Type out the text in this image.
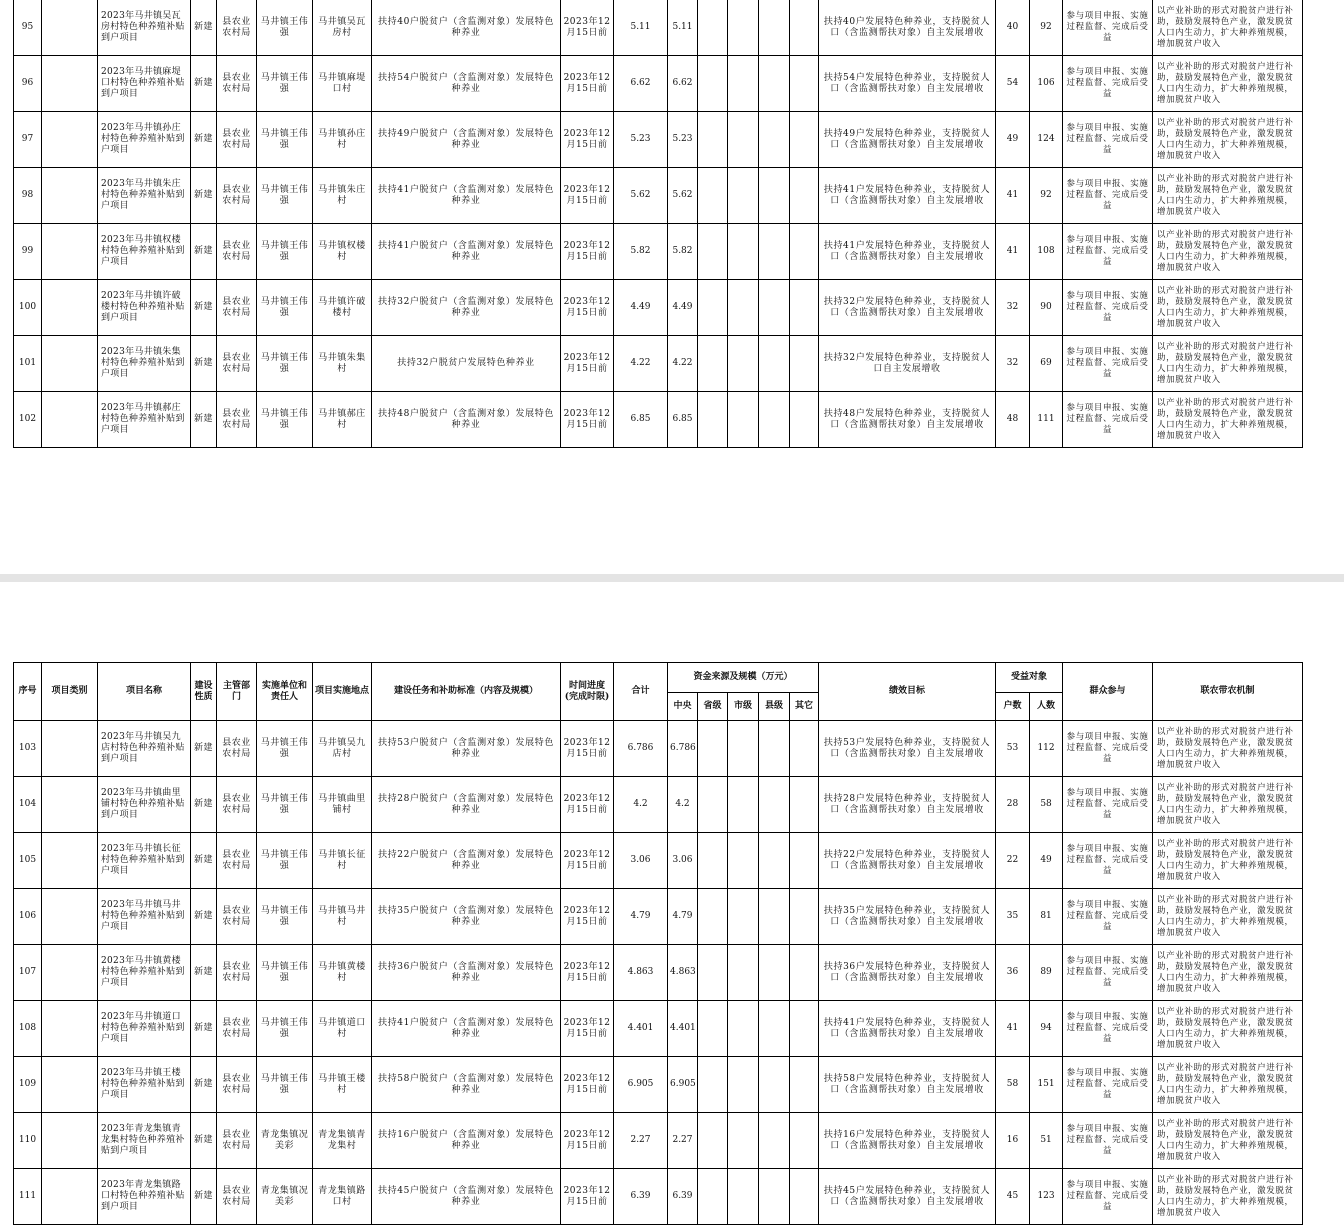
95		2023年马井镇吴瓦房村特色种养殖补贴到户项目	新建	县农业农村局	马井镇王伟强	马井镇吴瓦房村	扶持40户脱贫户（含监测对象）发展特色种养业	2023年12月15日前	5.11	5.11					扶持40户发展特色种养业，支持脱贫人口（含监测帮扶对象）自主发展增收	40	92	参与项目申报、实施过程监督、完成后受益	以产业补助的形式对脱贫户进行补助，鼓励发展特色产业，激发脱贫人口内生动力，扩大种养殖规模，增加脱贫户收入
96		2023年马井镇麻堤口村特色种养殖补贴到户项目	新建	县农业农村局	马井镇王伟强	马井镇麻堤口村	扶持54户脱贫户（含监测对象）发展特色种养业	2023年12月15日前	6.62	6.62					扶持54户发展特色种养业，支持脱贫人口（含监测帮扶对象）自主发展增收	54	106	参与项目申报、实施过程监督、完成后受益	以产业补助的形式对脱贫户进行补助，鼓励发展特色产业，激发脱贫人口内生动力，扩大种养殖规模，增加脱贫户收入
97		2023年马井镇孙庄村特色种养殖补贴到户项目	新建	县农业农村局	马井镇王伟强	马井镇孙庄村	扶持49户脱贫户（含监测对象）发展特色种养业	2023年12月15日前	5.23	5.23					扶持49户发展特色种养业，支持脱贫人口（含监测帮扶对象）自主发展增收	49	124	参与项目申报、实施过程监督、完成后受益	以产业补助的形式对脱贫户进行补助，鼓励发展特色产业，激发脱贫人口内生动力，扩大种养殖规模，增加脱贫户收入
98		2023年马井镇朱庄村特色种养殖补贴到户项目	新建	县农业农村局	马井镇王伟强	马井镇朱庄村	扶持41户脱贫户（含监测对象）发展特色种养业	2023年12月15日前	5.62	5.62					扶持41户发展特色种养业，支持脱贫人口（含监测帮扶对象）自主发展增收	41	92	参与项目申报、实施过程监督、完成后受益	以产业补助的形式对脱贫户进行补助，鼓励发展特色产业，激发脱贫人口内生动力，扩大种养殖规模，增加脱贫户收入
99		2023年马井镇权楼村特色种养殖补贴到户项目	新建	县农业农村局	马井镇王伟强	马井镇权楼村	扶持41户脱贫户（含监测对象）发展特色种养业	2023年12月15日前	5.82	5.82					扶持41户发展特色种养业，支持脱贫人口（含监测帮扶对象）自主发展增收	41	108	参与项目申报、实施过程监督、完成后受益	以产业补助的形式对脱贫户进行补助，鼓励发展特色产业，激发脱贫人口内生动力，扩大种养殖规模，增加脱贫户收入
100		2023年马井镇许破楼村特色种养殖补贴到户项目	新建	县农业农村局	马井镇王伟强	马井镇许破楼村	扶持32户脱贫户（含监测对象）发展特色种养业	2023年12月15日前	4.49	4.49					扶持32户发展特色种养业，支持脱贫人口（含监测帮扶对象）自主发展增收	32	90	参与项目申报、实施过程监督、完成后受益	以产业补助的形式对脱贫户进行补助，鼓励发展特色产业，激发脱贫人口内生动力，扩大种养殖规模，增加脱贫户收入
101		2023年马井镇朱集村特色种养殖补贴到户项目	新建	县农业农村局	马井镇王伟强	马井镇朱集村	扶持32户脱贫户发展特色种养业	2023年12月15日前	4.22	4.22					扶持32户发展特色种养业，支持脱贫人口自主发展增收	32	69	参与项目申报、实施过程监督、完成后受益	以产业补助的形式对脱贫户进行补助，鼓励发展特色产业，激发脱贫人口内生动力，扩大种养殖规模，增加脱贫户收入
102		2023年马井镇郝庄村特色种养殖补贴到户项目	新建	县农业农村局	马井镇王伟强	马井镇郝庄村	扶持48户脱贫户（含监测对象）发展特色种养业	2023年12月15日前	6.85	6.85					扶持48户发展特色种养业，支持脱贫人口（含监测帮扶对象）自主发展增收	48	111	参与项目申报、实施过程监督、完成后受益	以产业补助的形式对脱贫户进行补助，鼓励发展特色产业，激发脱贫人口内生动力，扩大种养殖规模，增加脱贫户收入
序号	项目类别	项目名称	建设性质	主管部门	实施单位和责任人	项目实施地点	建设任务和补助标准（内容及规模）	时间进度(完成时限)	合计	资金来源及规模（万元）					绩效目标	受益对象		群众参与	联农带农机制
										中央	省级	市级	县级	其它		户数	人数		
103		2023年马井镇吴九店村特色种养殖补贴到户项目	新建	县农业农村局	马井镇王伟强	马井镇吴九店村	扶持53户脱贫户（含监测对象）发展特色种养业	2023年12月15日前	6.786	6.786					扶持53户发展特色种养业，支持脱贫人口（含监测帮扶对象）自主发展增收	53	112	参与项目申报、实施过程监督、完成后受益	以产业补助的形式对脱贫户进行补助，鼓励发展特色产业，激发脱贫人口内生动力，扩大种养殖规模，增加脱贫户收入
104		2023年马井镇曲里铺村特色种养殖补贴到户项目	新建	县农业农村局	马井镇王伟强	马井镇曲里铺村	扶持28户脱贫户（含监测对象）发展特色种养业	2023年12月15日前	4.2	4.2					扶持28户发展特色种养业，支持脱贫人口（含监测帮扶对象）自主发展增收	28	58	参与项目申报、实施过程监督、完成后受益	以产业补助的形式对脱贫户进行补助，鼓励发展特色产业，激发脱贫人口内生动力，扩大种养殖规模，增加脱贫户收入
105		2023年马井镇长征村特色种养殖补贴到户项目	新建	县农业农村局	马井镇王伟强	马井镇长征村	扶持22户脱贫户（含监测对象）发展特色种养业	2023年12月15日前	3.06	3.06					扶持22户发展特色种养业，支持脱贫人口（含监测帮扶对象）自主发展增收	22	49	参与项目申报、实施过程监督、完成后受益	以产业补助的形式对脱贫户进行补助，鼓励发展特色产业，激发脱贫人口内生动力，扩大种养殖规模，增加脱贫户收入
106		2023年马井镇马井村特色种养殖补贴到户项目	新建	县农业农村局	马井镇王伟强	马井镇马井村	扶持35户脱贫户（含监测对象）发展特色种养业	2023年12月15日前	4.79	4.79					扶持35户发展特色种养业，支持脱贫人口（含监测帮扶对象）自主发展增收	35	81	参与项目申报、实施过程监督、完成后受益	以产业补助的形式对脱贫户进行补助，鼓励发展特色产业，激发脱贫人口内生动力，扩大种养殖规模，增加脱贫户收入
107		2023年马井镇黄楼村特色种养殖补贴到户项目	新建	县农业农村局	马井镇王伟强	马井镇黄楼村	扶持36户脱贫户（含监测对象）发展特色种养业	2023年12月15日前	4.863	4.863					扶持36户发展特色种养业，支持脱贫人口（含监测帮扶对象）自主发展增收	36	89	参与项目申报、实施过程监督、完成后受益	以产业补助的形式对脱贫户进行补助，鼓励发展特色产业，激发脱贫人口内生动力，扩大种养殖规模，增加脱贫户收入
108		2023年马井镇道口村特色种养殖补贴到户项目	新建	县农业农村局	马井镇王伟强	马井镇道口村	扶持41户脱贫户（含监测对象）发展特色种养业	2023年12月15日前	4.401	4.401					扶持41户发展特色种养业，支持脱贫人口（含监测帮扶对象）自主发展增收	41	94	参与项目申报、实施过程监督、完成后受益	以产业补助的形式对脱贫户进行补助，鼓励发展特色产业，激发脱贫人口内生动力，扩大种养殖规模，增加脱贫户收入
109		2023年马井镇王楼村特色种养殖补贴到户项目	新建	县农业农村局	马井镇王伟强	马井镇王楼村	扶持58户脱贫户（含监测对象）发展特色种养业	2023年12月15日前	6.905	6.905					扶持58户发展特色种养业，支持脱贫人口（含监测帮扶对象）自主发展增收	58	151	参与项目申报、实施过程监督、完成后受益	以产业补助的形式对脱贫户进行补助，鼓励发展特色产业，激发脱贫人口内生动力，扩大种养殖规模，增加脱贫户收入
110		2023年青龙集镇青龙集村特色种养殖补贴到户项目	新建	县农业农村局	青龙集镇况美彩	青龙集镇青龙集村	扶持16户脱贫户（含监测对象）发展特色种养业	2023年12月15日前	2.27	2.27					扶持16户发展特色种养业，支持脱贫人口（含监测帮扶对象）自主发展增收	16	51	参与项目申报、实施过程监督、完成后受益	以产业补助的形式对脱贫户进行补助，鼓励发展特色产业，激发脱贫人口内生动力，扩大种养殖规模，增加脱贫户收入
111		2023年青龙集镇路口村特色种养殖补贴到户项目	新建	县农业农村局	青龙集镇况美彩	青龙集镇路口村	扶持45户脱贫户（含监测对象）发展特色种养业	2023年12月15日前	6.39	6.39					扶持45户发展特色种养业，支持脱贫人口（含监测帮扶对象）自主发展增收	45	123	参与项目申报、实施过程监督、完成后受益	以产业补助的形式对脱贫户进行补助，鼓励发展特色产业，激发脱贫人口内生动力，扩大种养殖规模，增加脱贫户收入
